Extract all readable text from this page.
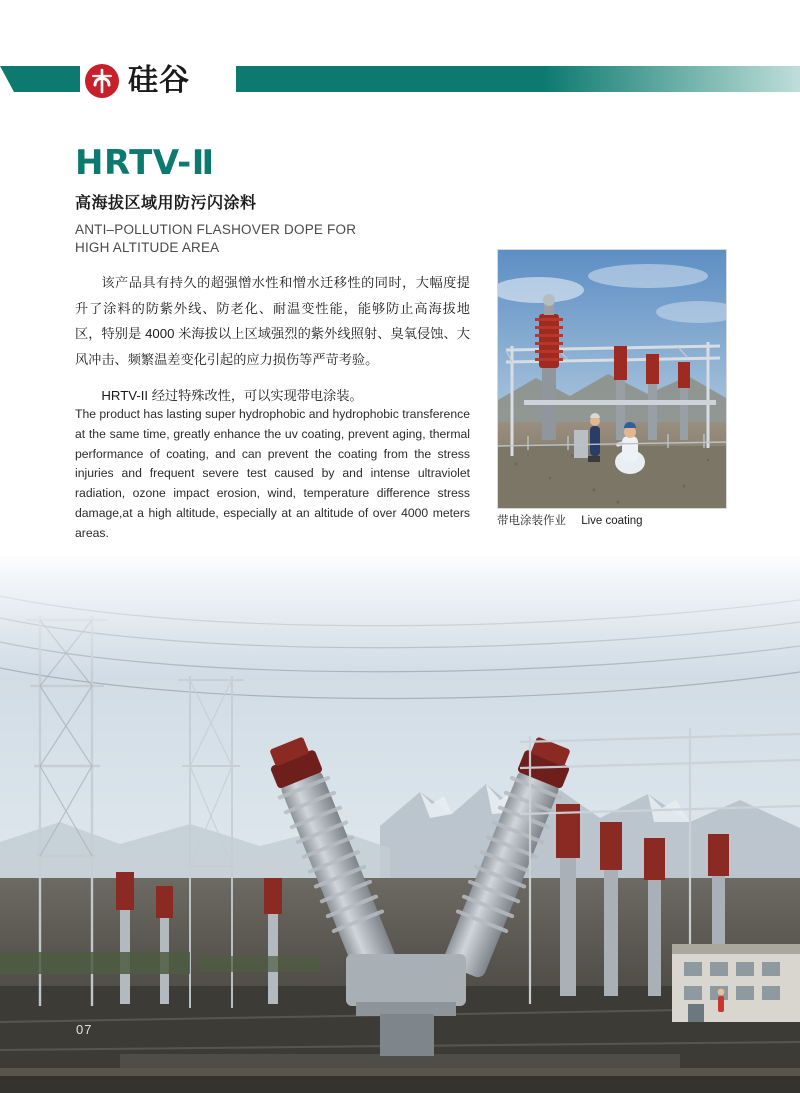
硅谷
HRTV-Ⅱ
高海拔区域用防污闪涂料
ANTI–POLLUTION FLASHOVER DOPE FOR
HIGH ALTITUDE AREA

该产品具有持久的超强憎水性和憎水迁移性的同时，大幅度提升了涂料的防紫外线、防老化、耐温变性能，能够防止高海拔地区，特别是 4000 米海拔以上区域强烈的紫外线照射、臭氧侵蚀、大风冲击、频繁温差变化引起的应力损伤等严苛考验。

HRTV-II 经过特殊改性，可以实现带电涂装。

The product has lasting super hydrophobic and hydrophobic transference at the same time, greatly enhance the uv coating, prevent aging, thermal performance of coating, and can prevent the coating from the stress injuries and frequent severe test caused by and intense ultraviolet radiation, ozone impact erosion, wind, temperature difference stress damage,at a high altitude, especially at an altitude of over 4000 meters areas.

带电涂装作业 Live coating
07
